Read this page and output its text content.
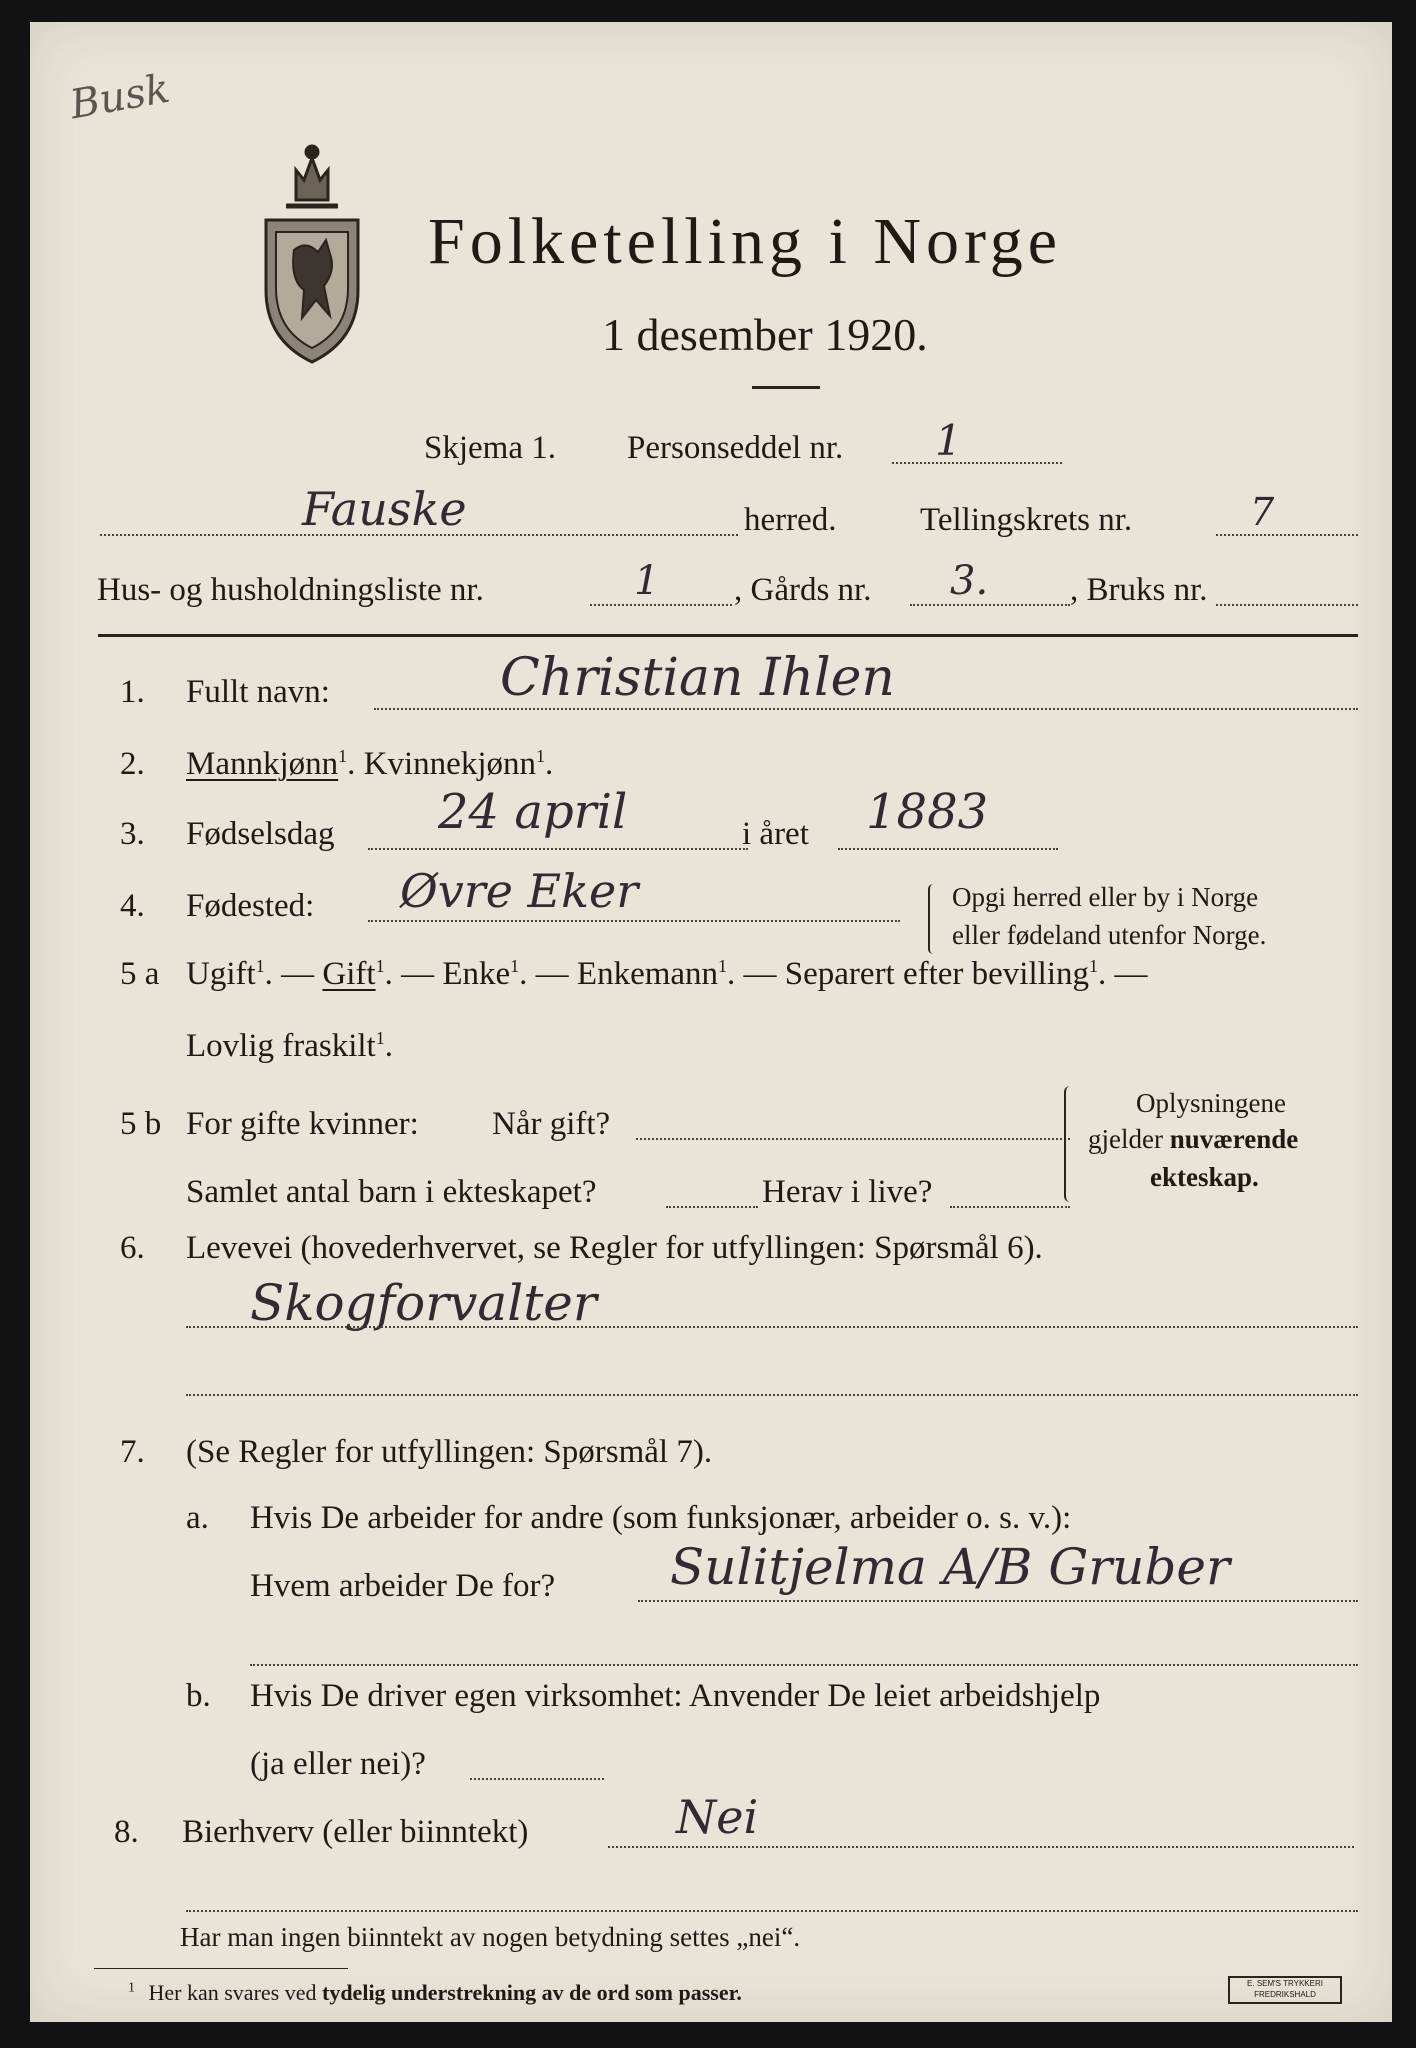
Busk
Folketelling i Norge
1 desember 1920.
Skjema 1. Personseddel nr. 1
Fauske	herred.	Tellingskrets nr.	7
Hus- og husholdningsliste nr.	1 , Gårds nr. 3. , Bruks nr.
1. Fullt navn:	Christian Ihlen
2. Mannkjønn$^1$. Kvinnekjønn$^1$.
3. Fødselsdag 24 april	i året 1883
4. Fødested: Øvre Eker	Opgi herred eller by i Norge
eller fødeland utenfor Norge.
5 a Ugift$^1$. — Gift$^1$. — Enke$^1$. — Enkemann$^1$. — Separert efter bevilling$^1$. —
Lovlig fraskilt$^1$.
5 b For gifte kvinner: Når gift?
Samlet antal barn i ekteskapet?	Herav i live?
Oplysningene
gjelder nuværende
ekteskap.
6. Levevei (hovederhvervet, se Regler for utfyllingen: Spørsmål 6).
Skogforvalter
7. (Se Regler for utfyllingen: Spørsmål 7).
a. Hvis De arbeider for andre (som funksjonær, arbeider o. s. v.):
Hvem arbeider De for? Sulitjelma A/B Gruber
b. Hvis De driver egen virksomhet: Anvender De leiet arbeidshjelp
(ja eller nei)?
8. Bierhverv (eller biinntekt)	Nei
Har man ingen biinntekt av nogen betydning settes „nei“.
$^1$ Her kan svares ved tydelig understrekning av de ord som passer.	E. SEM'S TRYKKERI
FREDRIKSHALD
